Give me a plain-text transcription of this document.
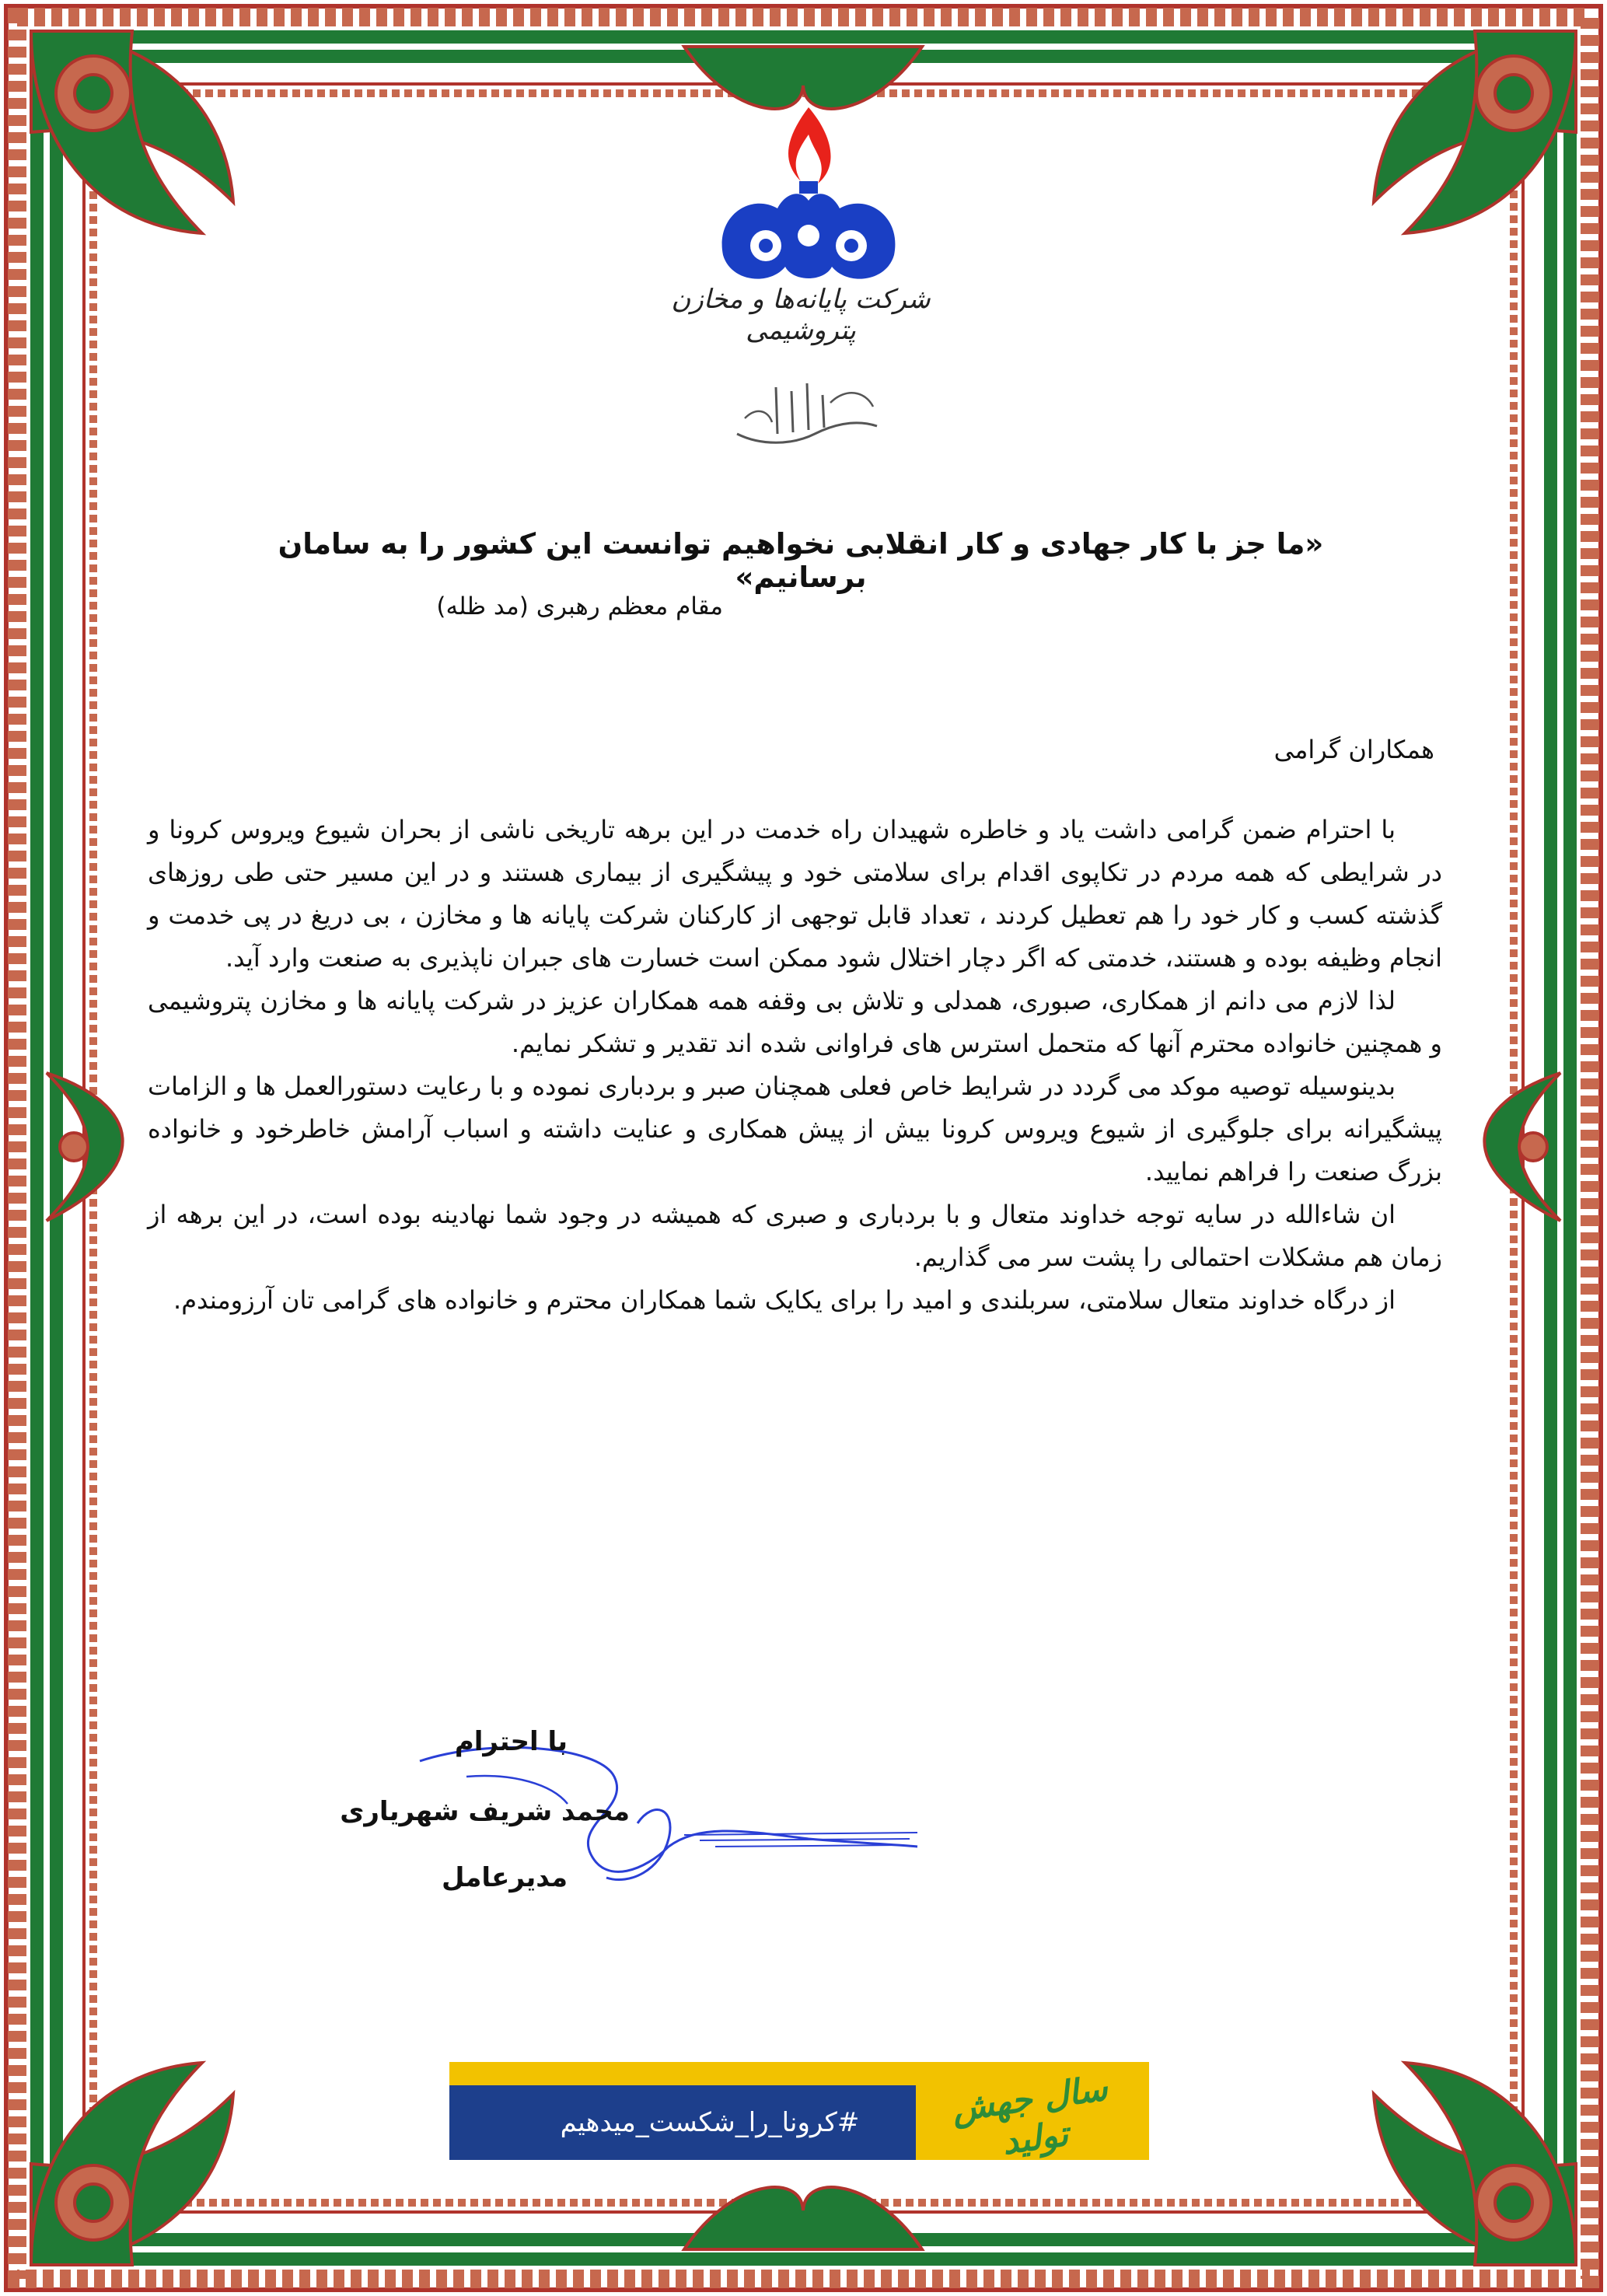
شرکت پایانه‌ها و مخازن پتروشیمی
«ما جز با کار جهادی و کار انقلابی نخواهیم توانست این کشور را به سامان برسانیم»
مقام معظم رهبری (مد ظله)
همکاران گرامی

با احترام ضمن گرامی داشت یاد و خاطره شهیدان راه خدمت در این برهه تاریخی ناشی از بحران شیوع ویروس کرونا و در شرایطی که همه مردم در تکاپوی اقدام برای سلامتی خود و پیشگیری از بیماری هستند و در این مسیر حتی طی روزهای گذشته کسب و کار خود را هم تعطیل کردند ، تعداد قابل توجهی از کارکنان شرکت پایانه ها و مخازن ، بی دریغ در پی خدمت و انجام وظیفه بوده و هستند، خدمتی که اگر دچار اختلال شود ممکن است خسارت های جبران ناپذیری به صنعت وارد آید.

لذا لازم می دانم از همکاری، صبوری، همدلی و تلاش بی وقفه همه همکاران عزیز در شرکت پایانه ها و مخازن پتروشیمی و همچنین خانواده محترم آنها که متحمل استرس های فراوانی شده اند تقدیر و تشکر نمایم.

بدینوسیله توصیه موکد می گردد در شرایط خاص فعلی همچنان صبر و بردباری نموده و با رعایت دستورالعمل ها و الزامات پیشگیرانه برای جلوگیری از شیوع ویروس کرونا بیش از پیش همکاری و عنایت داشته و اسباب آرامش خاطرخود و خانواده بزرگ صنعت را فراهم نمایید.

ان شاءالله در سایه توجه خداوند متعال و با بردباری و صبری که همیشه در وجود شما نهادینه بوده است، در این برهه از زمان هم مشکلات احتمالی را پشت سر می گذاریم.

از درگاه خداوند متعال سلامتی، سربلندی و امید را برای یکایک شما همکاران محترم و خانواده های گرامی تان آرزومندم.

با احترام
محمد شریف شهریاری
مدیرعامل
#کرونا_را_شکست_میدهیم	سال جهش تولید
